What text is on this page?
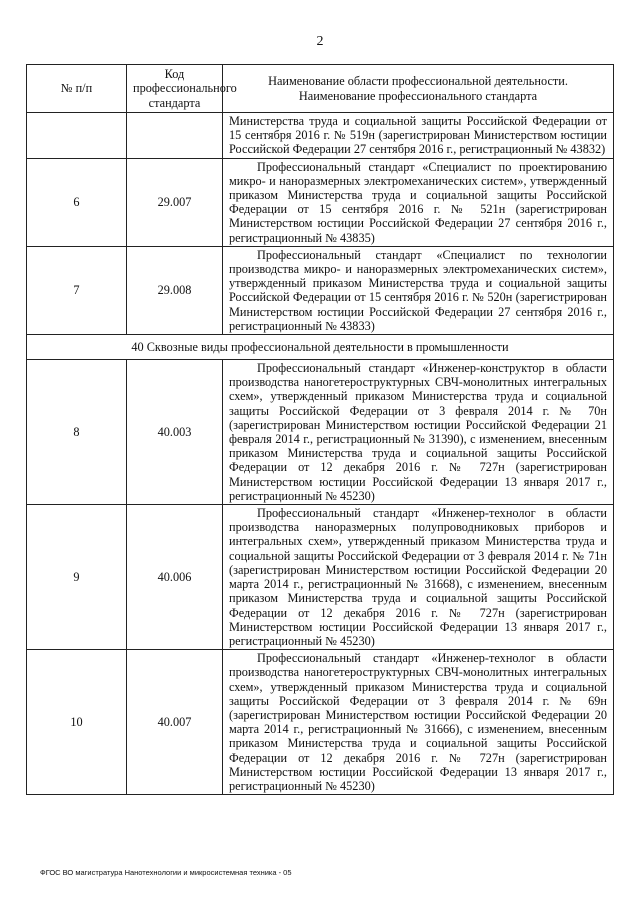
2
№ п/п	Код профессионального стандарта	Наименование области профессиональной деятельности. Наименование профессионального стандарта

		Министерства труда и социальной защиты Российской Федерации от 15 сентября 2016 г. № 519н (зарегистрирован Министерством юстиции Российской Федерации 27 сентября 2016 г., регистрационный № 43832)

6	29.007	Профессиональный стандарт «Специалист по проектированию микро- и наноразмерных электромеханических систем», утвержденный приказом Министерства труда и социальной защиты Российской Федерации от 15 сентября 2016 г. № 521н (зарегистрирован Министерством юстиции Российской Федерации 27 сентября 2016 г., регистрационный № 43835)

7	29.008	Профессиональный стандарт «Специалист по технологии производства микро- и наноразмерных электромеханических систем», утвержденный приказом Министерства труда и социальной защиты Российской Федерации от 15 сентября 2016 г. № 520н (зарегистрирован Министерством юстиции Российской Федерации 27 сентября 2016 г., регистрационный № 43833)

40 Сквозные виды профессиональной деятельности в промышленности		
8	40.003	Профессиональный стандарт «Инженер-конструктор в области производства наногетероструктурных СВЧ-монолитных интегральных схем», утвержденный приказом Министерства труда и социальной защиты Российской Федерации от 3 февраля 2014 г. № 70н (зарегистрирован Министерством юстиции Российской Федерации 21 февраля 2014 г., регистрационный № 31390), с изменением, внесенным приказом Министерства труда и социальной защиты Российской Федерации от 12 декабря 2016 г. № 727н (зарегистрирован Министерством юстиции Российской Федерации 13 января 2017 г., регистрационный № 45230)

9	40.006	Профессиональный стандарт «Инженер-технолог в области производства наноразмерных полупроводниковых приборов и интегральных схем», утвержденный приказом Министерства труда и социальной защиты Российской Федерации от 3 февраля 2014 г. № 71н (зарегистрирован Министерством юстиции Российской Федерации 20 марта 2014 г., регистрационный № 31668), с изменением, внесенным приказом Министерства труда и социальной защиты Российской Федерации от 12 декабря 2016 г. № 727н (зарегистрирован Министерством юстиции Российской Федерации 13 января 2017 г., регистрационный № 45230)

10	40.007	Профессиональный стандарт «Инженер-технолог в области производства наногетероструктурных СВЧ-монолитных интегральных схем», утвержденный приказом Министерства труда и социальной защиты Российской Федерации от 3 февраля 2014 г. № 69н (зарегистрирован Министерством юстиции Российской Федерации 20 марта 2014 г., регистрационный № 31666), с изменением, внесенным приказом Министерства труда и социальной защиты Российской Федерации от 12 декабря 2016 г. № 727н (зарегистрирован Министерством юстиции Российской Федерации 13 января 2017 г., регистрационный № 45230)
ФГОС ВО магистратура Нанотехнологии и микросистемная техника - 05
